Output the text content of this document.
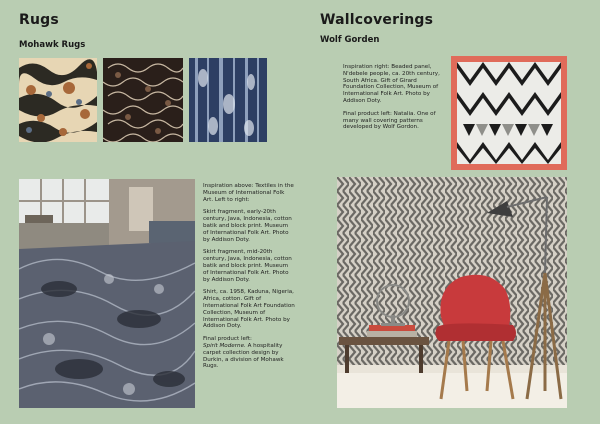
Rugs
Mohawk Rugs

Inspiration above: Textiles in the Museum of International Folk Art. Left to right:

Skirt fragment, early-20th century, Java, Indonesia, cotton batik and block print. Museum of International Folk Art. Photo by Addison Doty.

Skirt fragment, mid-20th century, Java, Indonesia, cotton batik and block print. Museum of International Folk Art. Photo by Addison Doty.

Shirt, ca. 1958, Kaduna, Nigeria, Africa, cotton. Gift of International Folk Art Foundation Collection, Museum of International Folk Art. Photo by Addison Doty.

Final product left:
Spirit Moderne. A hospitality carpet collection design by Durkin, a division of Mohawk Rugs.

Wallcoverings
Wolf Gorden

Inspiration right: Beaded panel, N'debele people, ca. 20th century, South Africa. Gift of Girard Foundation Collection, Museum of International Folk Art. Photo by Addison Doty.

Final product left: Natalia. One of many wall covering patterns developed by Wolf Gordon.
